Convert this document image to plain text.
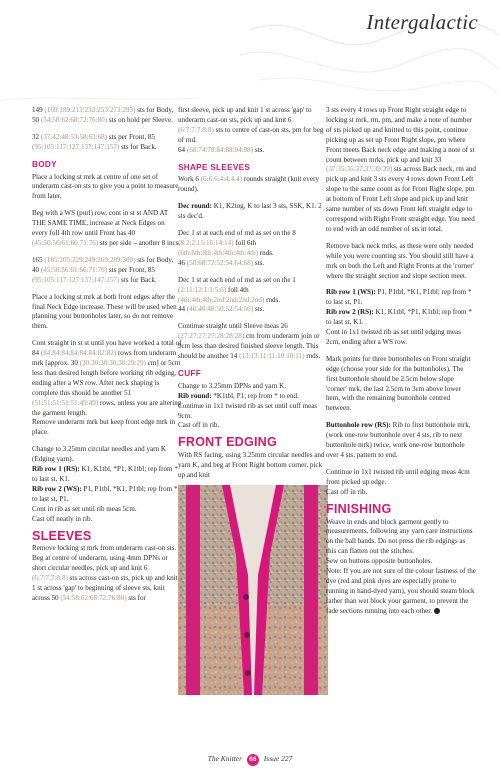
Intergalactic

149 (169:189:213:233:253:273:293) sts for Body, 50 (54:58:62:68:72:76:80) sts on hold per Sleeve.

32 (37:42:48:53:58:63:68) sts per Front, 85 (95:105:117:127:137:147:157) sts for Back.

BODY

Place a locking st mrk at centre of one set of underarm cast-on sts to give you a point to measure from later.

Beg with a WS (purl) row, cont in st st AND AT THE SAME TIME, increase at Neck Edges on every foll 4th row until Front has 40 (45:50:56:61:66:71:76) sts per side – another 8 incs.

165 (185:205:229:249:269:289:309) sts for Body, 40 (45:50:56:61:66:71:76) sts per Front, 85 (95:105:117:127:137:147:157) sts for Back.

Place a locking st mrk at both front edges after the final Neck Edge increase. These will be used when planning your buttonholes later, so do not remove them.

Cont straight in st st until you have worked a total of 84 (84:84:84:84:84:84:82:82) rows from underarm mrk [approx. 30 (30:30:30:30:30:29:29) cm] or 5cm less than desired length before working rib edging, ending after a WS row. After neck shaping is complete this should be another 51 (51:51:51:51:51:49:49) rows, unless you are altering the garment length.

Remove underarm mrk but keep front edge mrk in place.

Change to 3.25mm circular needles and yarn K (Edging yarn).

Rib row 1 (RS): K1, K1tbl, *P1, K1tbl; rep from * to last st, K1.

Rib row 2 (WS): P1, P1tbl, *K1, P1tbl; rep from * to last st, P1.

Cont in rib as set until rib meas 5cm.

Cast off neatly in rib.

SLEEVES

Remove locking st mrk from underarm cast-on sts.

Beg at centre of underarm, using 4mm DPNs or short circular needles, pick up and knit 6 (6:7:7:7:8:8) sts across cast-on sts, pick up and knit 1 st across 'gap' to beginning of sleeve sts, knit across 50 (54:58:62:68:72:76:80) sts for

first sleeve, pick up and knit 1 st across 'gap' to underarm cast-on sts, pick up and knit 6 (6:7:7:7:8:8) sts to centre of cast-on sts, pm for beg of rnd.

64 (68:74:78:84:88:94:98) sts.

SHAPE SLEEVES

Work 6 (6:6:6:4:4:4:4) rounds straight (knit every round).

Dec round: K1, K2tog, K to last 3 sts, SSK, K1. 2 sts dec'd.

Dec 1 st at each end of rnd as set on the 8 (8:2:2:15:16:14:14) foll 6th (6th:6th:6th:4th:4th:4th:4th) rnds.

46 (50:68:72:52:54:64:68) sts.

Dec 1 st at each end of rnd as set on the 1 (2:11:12:1:1:5:6) foll 4th (4th:4th:4th:2nd:2nd:2nd:2nd) rnds.

44 (46:46:48:50:52:54:56) sts.

Continue straight until Sleeve meas 26 (27:27:27:27:28:28:28) cm from underarm join or 9cm less than desired finished sleeve length. This should be another 14 (13:13:11:11:10:10:11) rnds.

CUFF

Change to 3.25mm DPNs and yarn K.

Rib round: *K1tbl, P1; rep from * to end.

Continue in 1x1 twisted rib as set until cuff meas 9cm.

Cast off in rib.

FRONT EDGING

With RS facing, using 3.25mm circular needles and yarn K, and beg at Front Right bottom corner, pick up and knit

3 sts every 4 rows up Front Right straight edge to locking st mrk, rm, pm, and make a note of number of sts picked up and knitted to this point, continue picking up as set up Front Right slope, pm where Front meets Back neck edge and making a note of st count between mrks, pick up and knit 33 (37:35:35:37:37:39:39) sts across Back neck, rm and pick up and knit 3 sts every 4 rows down Front Left slope to the same count as for Front Right slope, pm at bottom of Front Left slope and pick up and knit same number of sts down Front left straight edge to correspond with Right Front straight edge. You need to end with an odd number of sts in total.

Remove back neck mrks, as these were only needed while you were counting sts. You should still have a mrk on both the Left and Right Fronts at the 'corner' where the straight section and slope section meet.

Rib row 1 (WS): P1, P1tbl, *K1, P1tbl; rep from * to last st, P1.

Rib row 2 (RS): K1, K1tbl, *P1, K1tbl; rep from * to last st, K1.

Cont in 1x1 twisted rib as set until edging meas 2cm, ending after a WS row.

Mark points for three buttonholes on Front straight edge (choose your side for the buttonholes). The first buttonhole should be 2.5cm below slope 'corner' mrk, the last 2.5cm to 3cm above lower hem, with the remaining buttonhole centred between.

Buttonhole row (RS): Rib to first buttonhole mrk, (work one-row buttonhole over 4 sts, rib to next buttonhole mrk) twice, work one-row buttonhole over 4 sts, pattern to end.

Continue in 1x1 twisted rib until edging meas 4cm from picked up edge.

Cast off in rib.

FINISHING

Weave in ends and block garment gently to measurements, following any yarn care instructions on the ball bands. Do not press the rib edgings as this can flatten out the stitches.

Sew on buttons opposite buttonholes.

Note: If you are not sure of the colour fastness of the dye (red and pink dyes are especially prone to running in hand-dyed yarn), you should steam block rather than wet block your garment, to prevent the fade sections running into each other.

The Knitter 66 Issue 227
